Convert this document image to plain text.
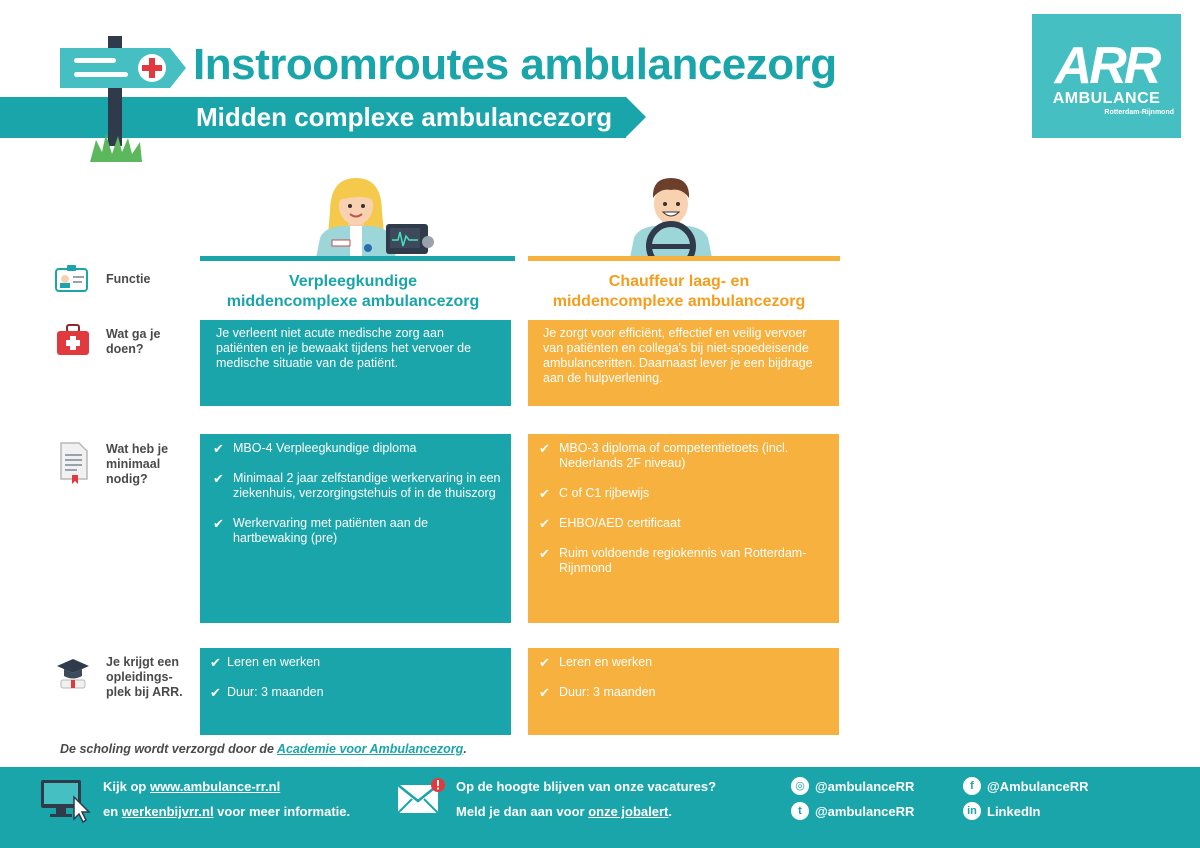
Instroomroutes ambulancezorg
Midden complexe ambulancezorg
ARR
AMBULANCE
Rotterdam-Rijnmond
Verpleegkundige
middencomplexe ambulancezorg
Chauffeur laag- en
middencomplexe ambulancezorg
Functie
Wat ga je
doen?
Wat heb je
minimaal
nodig?
Je krijgt een
opleidings-
plek bij ARR.

Je verleent niet acute medische zorg aan patiënten en je bewaakt tijdens het vervoer de medische situatie van de patiënt.

Je zorgt voor efficiënt, effectief en veilig vervoer van patiënten en collega's bij niet-spoedeisende ambulanceritten. Daarnaast lever je een bijdrage aan de hulpverlening.

✔ MBO-4 Verpleegkundige diploma
✔ Minimaal 2 jaar zelfstandige werkervaring in een ziekenhuis, verzorgingstehuis of in de thuiszorg
✔ Werkervaring met patiënten aan de hartbewaking (pre)
✔ MBO-3 diploma of competentietoets (incl. Nederlands 2F niveau)
✔ C of C1 rijbewijs
✔ EHBO/AED certificaat
✔ Ruim voldoende regiokennis van Rotterdam-Rijnmond
✔ Leren en werken
✔ Duur: 3 maanden
✔ Leren en werken
✔ Duur: 3 maanden
De scholing wordt verzorgd door de Academie voor Ambulancezorg.
Kijk op www.ambulance-rr.nl
en werkenbijvrr.nl voor meer informatie.
Op de hoogte blijven van onze vacatures?
Meld je dan aan voor onze jobalert.
◎ @ambulanceRR
t	@ambulanceRR
f	@AmbulanceRR
in LinkedIn
